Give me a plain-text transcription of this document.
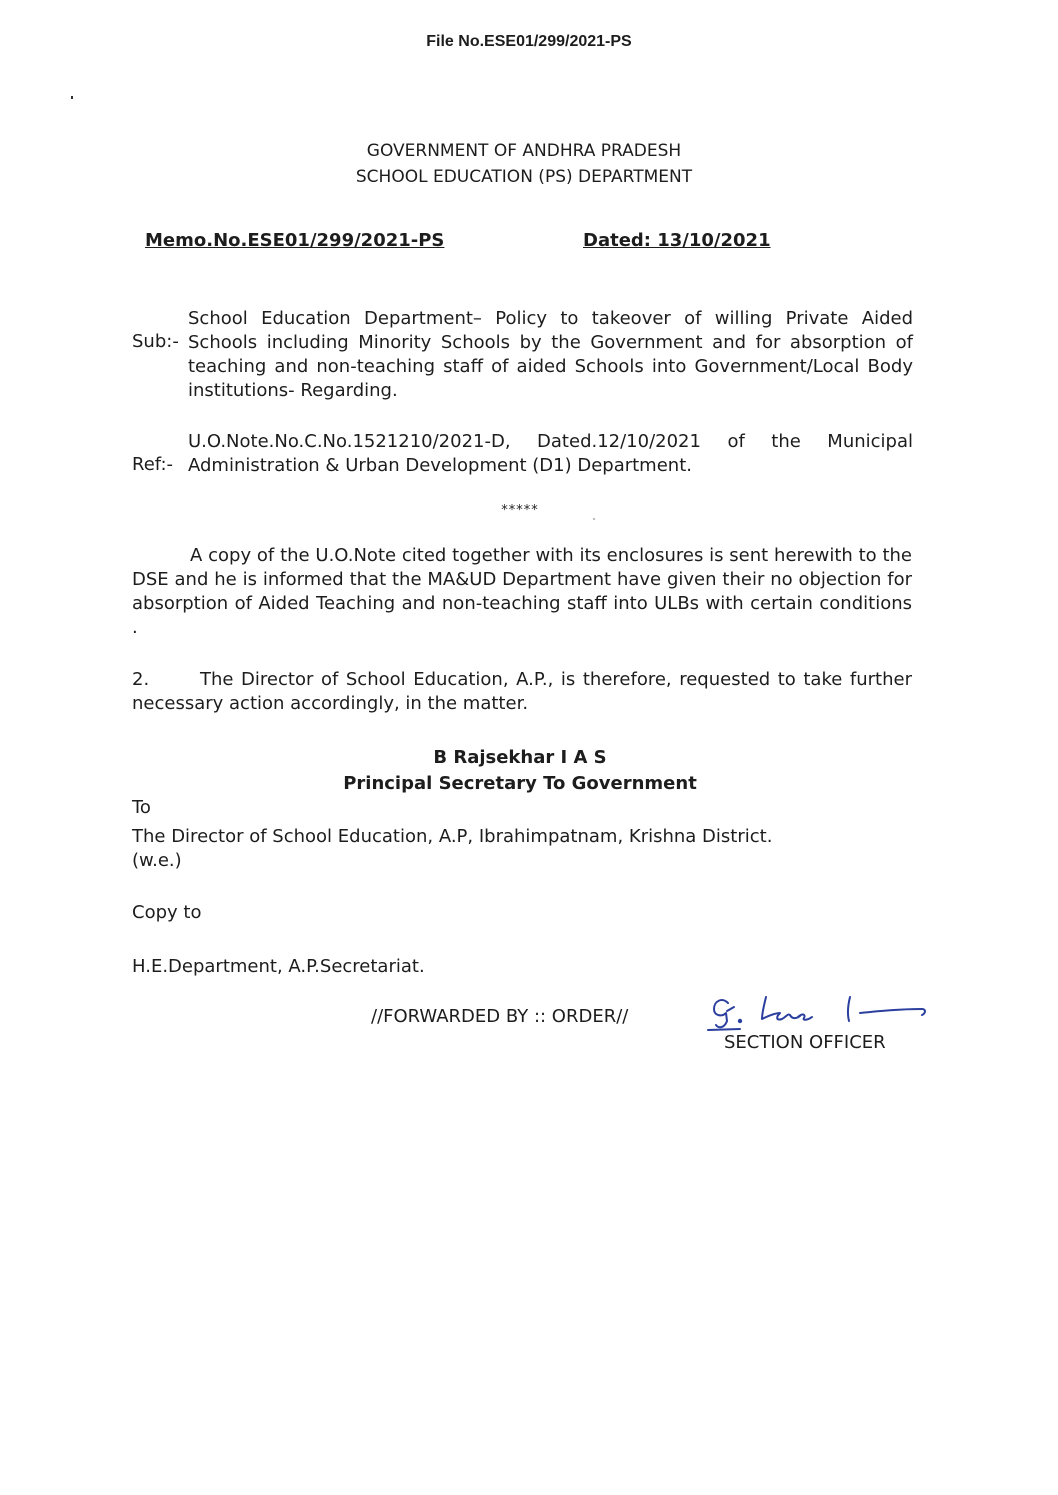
File No.ESE01/299/2021-PS
GOVERNMENT OF ANDHRA PRADESH
SCHOOL EDUCATION (PS) DEPARTMENT
Memo.No.ESE01/299/2021-PS	Dated: 13/10/2021
Sub:-
School Education Department– Policy to takeover of willing Private Aided Schools including Minority Schools by the Government and for absorption of teaching and non-teaching staff of aided Schools into Government/Local Body institutions- Regarding.
Ref:-
U.O.Note.No.C.No.1521210/2021-D, Dated.12/10/2021 of the Municipal Administration & Urban Development (D1) Department.
*****
A copy of the U.O.Note cited together with its enclosures is sent herewith to the DSE and he is informed that the MA&UD Department have given their no objection for absorption of Aided Teaching and non-teaching staff into ULBs with certain conditions .
2.	The Director of School Education, A.P., is therefore, requested to take further necessary action accordingly, in the matter.
B Rajsekhar I A S
Principal Secretary To Government
To
The Director of School Education, A.P, Ibrahimpatnam, Krishna District.
(w.e.)
Copy to
H.E.Department, A.P.Secretariat.
//FORWARDED BY :: ORDER//
SECTION OFFICER
